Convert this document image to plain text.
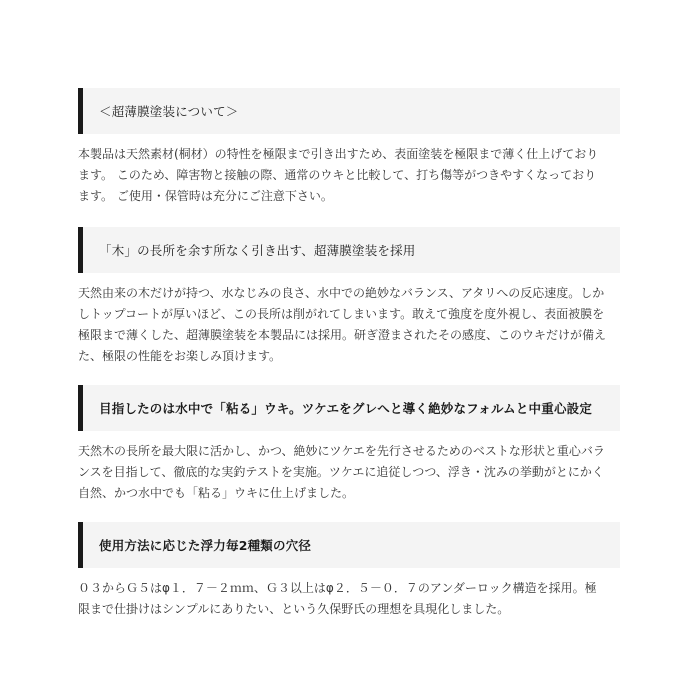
＜超薄膜塗装について＞

本製品は天然素材(桐材）の特性を極限まで引き出すため、表面塗装を極限まで薄く仕上げており
ます。 このため、障害物と接触の際、通常のウキと比較して、打ち傷等がつきやすくなっており
ます。 ご使用・保管時は充分にご注意下さい。

「木」の長所を余す所なく引き出す、超薄膜塗装を採用

天然由来の木だけが持つ、水なじみの良さ、水中での絶妙なバランス、アタリへの反応速度。しか
しトップコートが厚いほど、この長所は削がれてしまいます。敢えて強度を度外視し、表面被膜を
極限まで薄くした、超薄膜塗装を本製品には採用。研ぎ澄まされたその感度、このウキだけが備え
た、極限の性能をお楽しみ頂けます。

目指したのは水中で「粘る」ウキ。ツケエをグレへと導く絶妙なフォルムと中重心設定

天然木の長所を最大限に活かし、かつ、絶妙にツケエを先行させるためのベストな形状と重心バラ
ンスを目指して、徹底的な実釣テストを実施。ツケエに追従しつつ、浮き・沈みの挙動がとにかく
自然、かつ水中でも「粘る」ウキに仕上げました。

使用方法に応じた浮力毎2種類の穴径

０３からＧ５はφ１．７－２ｍｍ、Ｇ３以上はφ２．５－０．７のアンダーロック構造を採用。極
限まで仕掛けはシンプルにありたい、という久保野氏の理想を具現化しました。
